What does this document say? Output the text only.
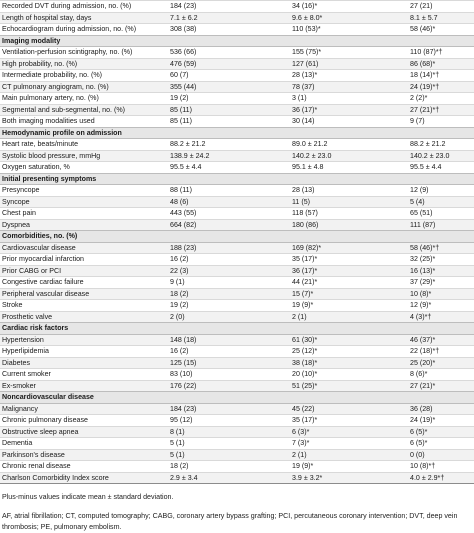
Recorded DVT during admission, no. (%)	184 (23)	34 (16)*	27 (21)
Length of hospital stay, days	7.1 ± 6.2	9.6 ± 8.0*	8.1 ± 5.7
Echocardiogram during admission, no. (%)	308 (38)	110 (53)*	58 (46)*
Imaging modality			
Ventilation-perfusion scintigraphy, no. (%)	536 (66)	155 (75)*	110 (87)*†
High probability, no. (%)	476 (59)	127 (61)	86 (68)*
Intermediate probability, no. (%)	60 (7)	28 (13)*	18 (14)*†
CT pulmonary angiogram, no. (%)	355 (44)	78 (37)	24 (19)*†
Main pulmonary artery, no. (%)	19 (2)	3 (1)	2 (2)*
Segmental and sub-segmental, no. (%)	85 (11)	36 (17)*	27 (21)*†
Both imaging modalities used	85 (11)	30 (14)	9 (7)
Hemodynamic profile on admission			
Heart rate, beats/minute	88.2 ± 21.2	89.0 ± 21.2	88.2 ± 21.2
Systolic blood pressure, mmHg	138.9 ± 24.2	140.2 ± 23.0	140.2 ± 23.0
Oxygen saturation, %	95.5 ± 4.4	95.1 ± 4.8	95.5 ± 4.4
Initial presenting symptoms			
Presyncope	88 (11)	28 (13)	12 (9)
Syncope	48 (6)	11 (5)	5 (4)
Chest pain	443 (55)	118 (57)	65 (51)
Dyspnea	664 (82)	180 (86)	111 (87)
Comorbidities, no. (%)			
Cardiovascular disease	188 (23)	169 (82)*	58 (46)*†
Prior myocardial infarction	16 (2)	35 (17)*	32 (25)*
Prior CABG or PCI	22 (3)	36 (17)*	16 (13)*
Congestive cardiac failure	9 (1)	44 (21)*	37 (29)*
Peripheral vascular disease	18 (2)	15 (7)*	10 (8)*
Stroke	19 (2)	19 (9)*	12 (9)*
Prosthetic valve	2 (0)	2 (1)	4 (3)*†
Cardiac risk factors			
Hypertension	148 (18)	61 (30)*	46 (37)*
Hyperlipidemia	16 (2)	25 (12)*	22 (18)*†
Diabetes	125 (15)	38 (18)*	25 (20)*
Current smoker	83 (10)	20 (10)*	8 (6)*
Ex-smoker	176 (22)	51 (25)*	27 (21)*
Noncardiovascular disease			
Malignancy	184 (23)	45 (22)	36 (28)
Chronic pulmonary disease	95 (12)	35 (17)*	24 (19)*
Obstructive sleep apnea	8 (1)	6 (3)*	6 (5)*
Dementia	5 (1)	7 (3)*	6 (5)*
Parkinson's disease	5 (1)	2 (1)	0 (0)
Chronic renal disease	18 (2)	19 (9)*	10 (8)*†
Charlson Comorbidity Index score	2.9 ± 3.4	3.9 ± 3.2*	4.0 ± 2.9*†

Plus-minus values indicate mean ± standard deviation.

AF, atrial fibrillation; CT, computed tomography; CABG, coronary artery bypass grafting; PCI, percutaneous coronary intervention; DVT, deep vein thrombosis; PE, pulmonary embolism.
